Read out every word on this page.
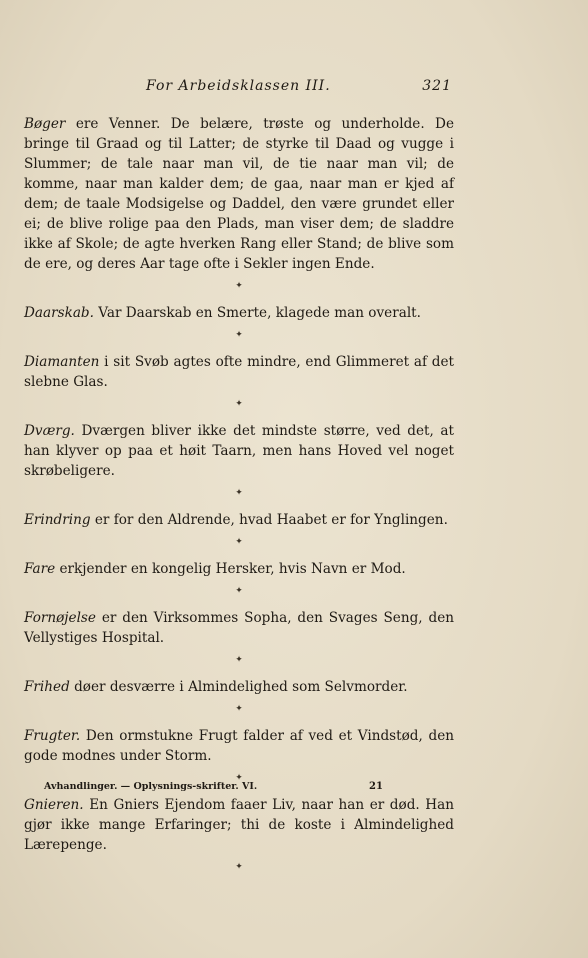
For Arbeidsklassen III.	321

Bøger ere Venner. De belære, trøste og underholde. De bringe til Graad og til Latter; de styrke til Daad og vugge i Slummer; de tale naar man vil, de tie naar man vil; de komme, naar man kalder dem; de gaa, naar man er kjed af dem; de taale Modsigelse og Daddel, den være grundet eller ei; de blive rolige paa den Plads, man viser dem; de sladdre ikke af Skole; de agte hverken Rang eller Stand; de blive som de ere, og deres Aar tage ofte i Sekler ingen Ende.

✦

Daarskab. Var Daarskab en Smerte, klagede man overalt.

✦

Diamanten i sit Svøb agtes ofte mindre, end Glimmeret af det slebne Glas.

✦

Dværg. Dværgen bliver ikke det mindste større, ved det, at han klyver op paa et høit Taarn, men hans Hoved vel noget skrøbeligere.

✦

Erindring er for den Aldrende, hvad Haabet er for Ynglingen.

✦

Fare erkjender en kongelig Hersker, hvis Navn er Mod.

✦

Fornøjelse er den Virksommes Sopha, den Svages Seng, den Vellystiges Hospital.

✦

Frihed døer desværre i Almindelighed som Selvmorder.

✦

Frugter. Den ormstukne Frugt falder af ved et Vindstød, den gode modnes under Storm.

✦

Gnieren. En Gniers Ejendom faaer Liv, naar han er død. Han gjør ikke mange Erfaringer; thi de koste i Almindelighed Lærepenge.

✦
Avhandlinger. — Oplysnings-skrifter. VI.	21
